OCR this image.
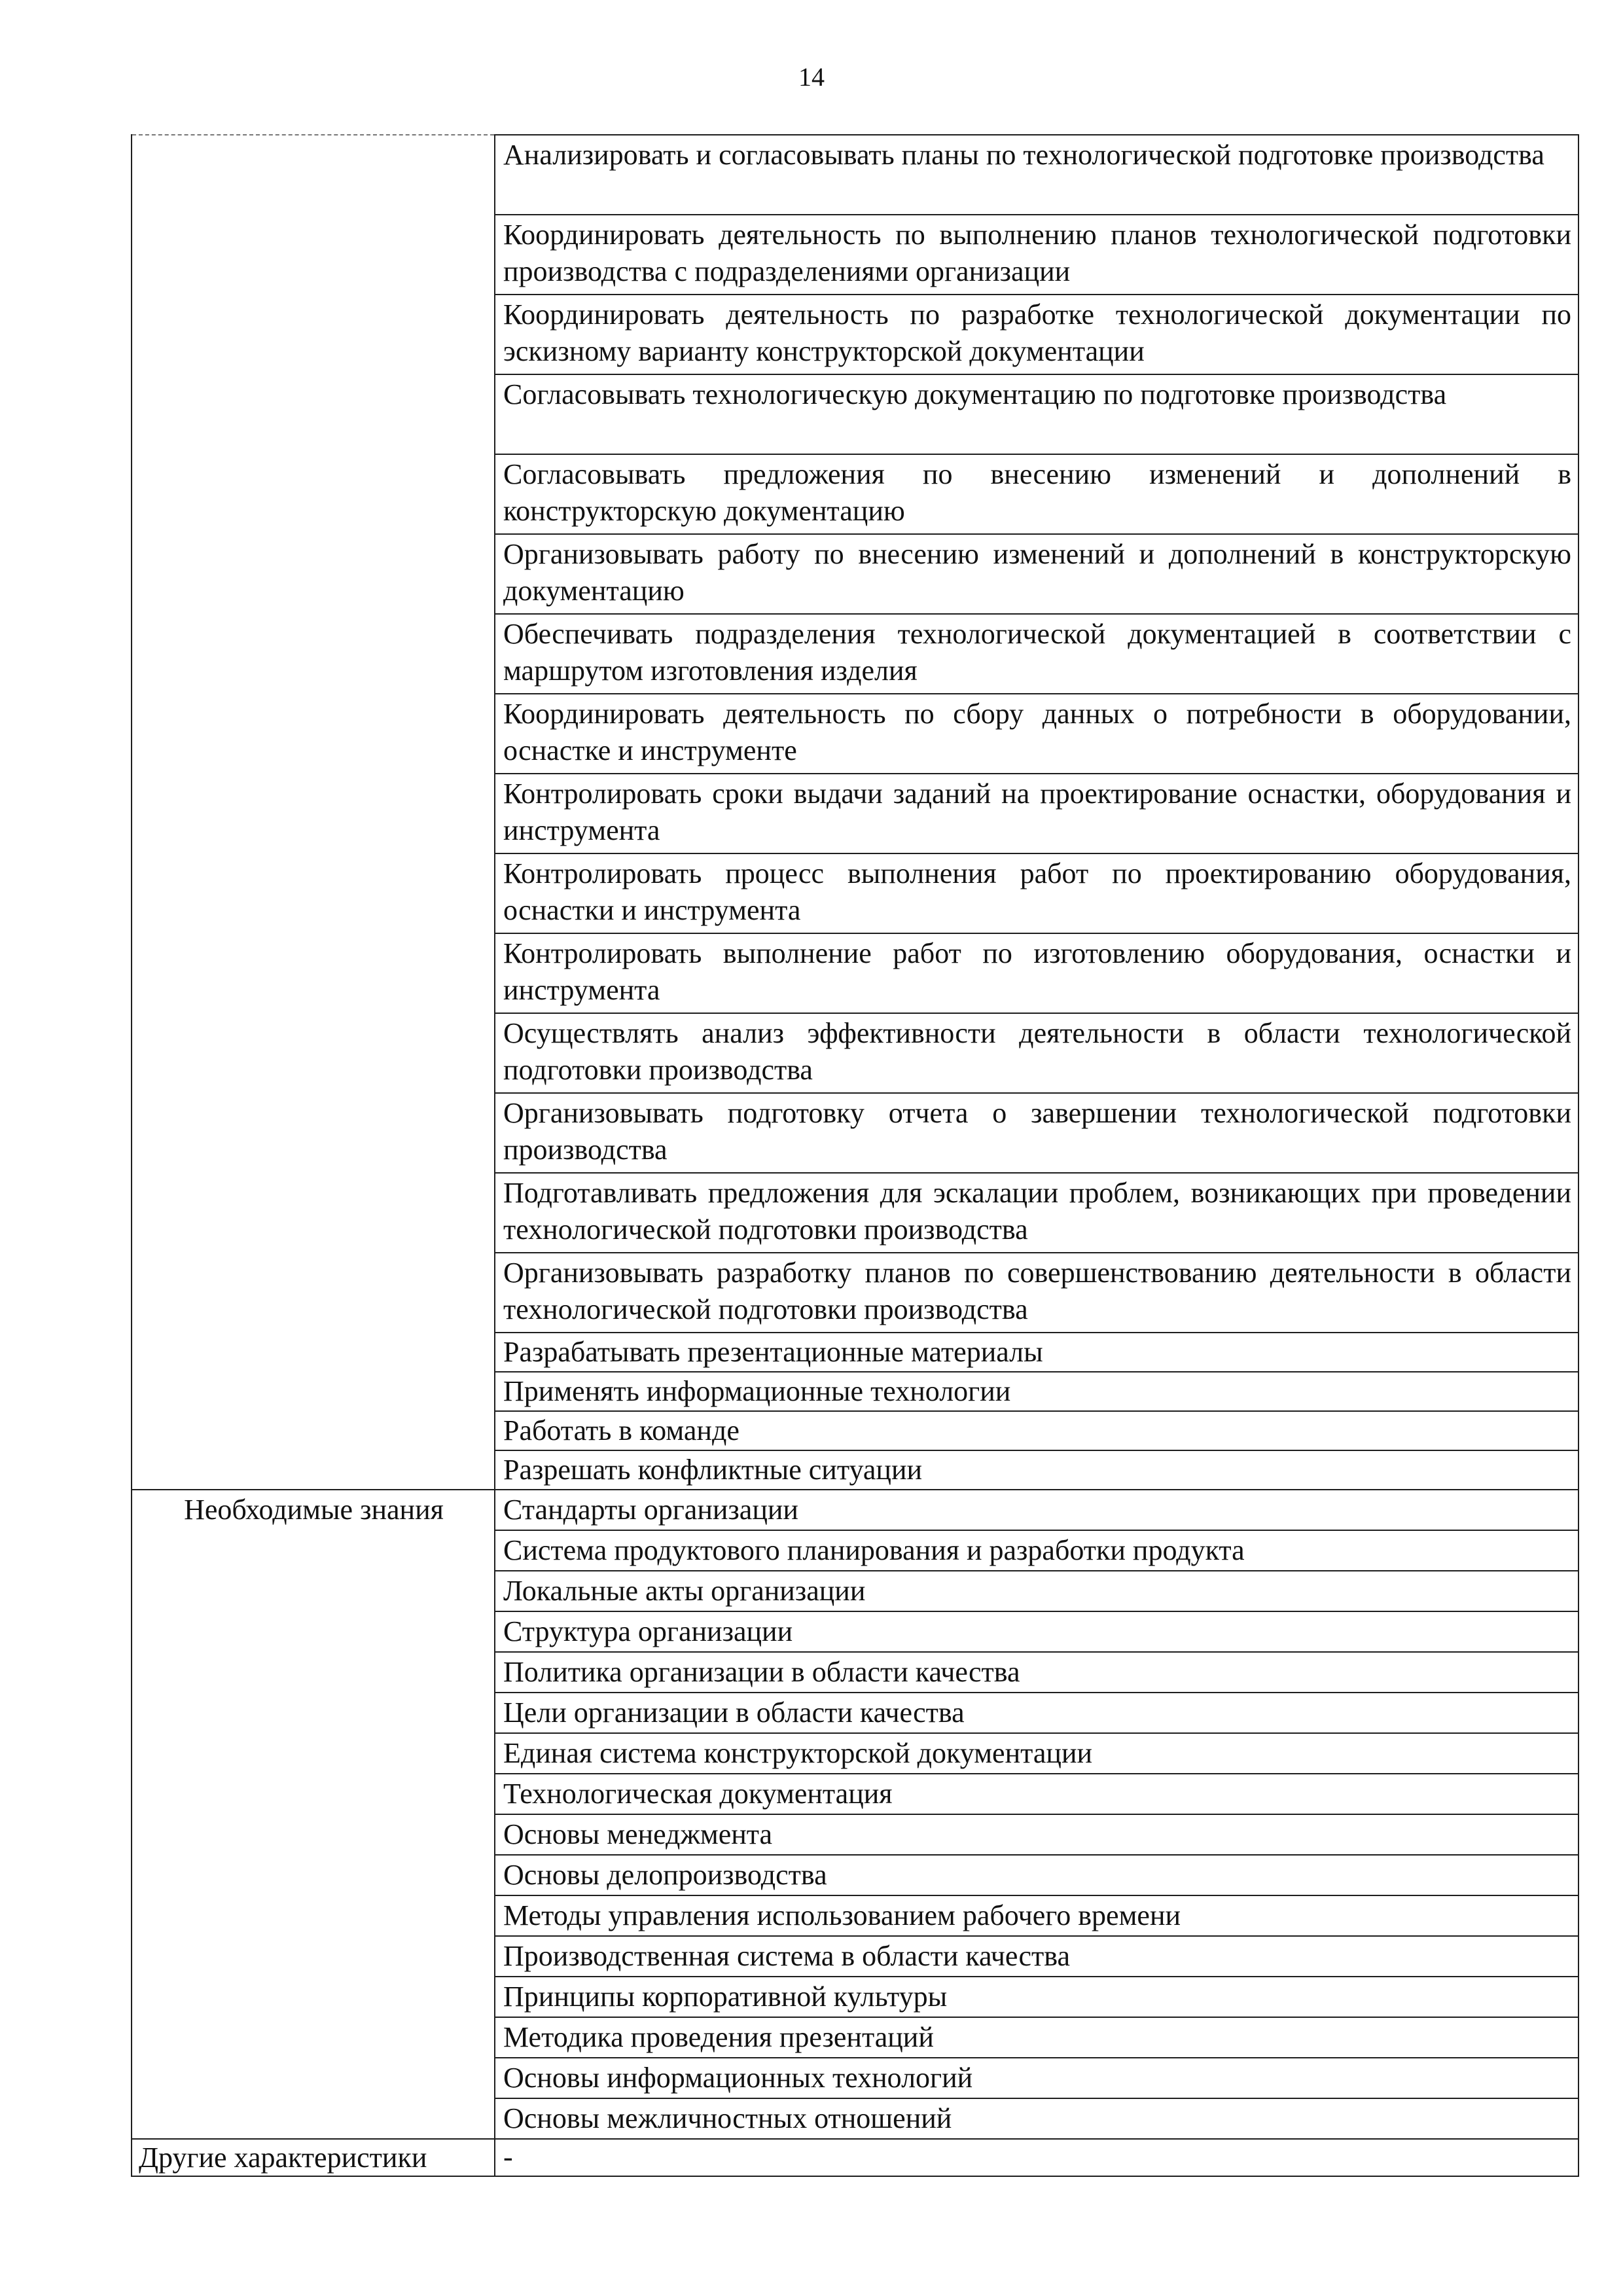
14
	Анализировать и согласовывать планы по технологической подготовке производства
	Координировать деятельность по выполнению планов технологической подготовки производства с подразделениями организации
	Координировать деятельность по разработке технологической документации по эскизному варианту конструкторской документации
	Согласовывать технологическую документацию по подготовке производства
	Согласовывать предложения по внесению изменений и дополнений в конструкторскую документацию
	Организовывать работу по внесению изменений и дополнений в конструкторскую документацию
	Обеспечивать подразделения технологической документацией в соответствии с маршрутом изготовления изделия
	Координировать деятельность по сбору данных о потребности в оборудовании, оснастке и инструменте
	Контролировать сроки выдачи заданий на проектирование оснастки, оборудования и инструмента
	Контролировать процесс выполнения работ по проектированию оборудования, оснастки и инструмента
	Контролировать выполнение работ по изготовлению оборудования, оснастки и инструмента
	Осуществлять анализ эффективности деятельности в области технологической подготовки производства
	Организовывать подготовку отчета о завершении технологической подготовки производства
	Подготавливать предложения для эскалации проблем, возникающих при проведении технологической подготовки производства
	Организовывать разработку планов по совершенствованию деятельности в области технологической подготовки производства
	Разрабатывать презентационные материалы
	Применять информационные технологии
	Работать в команде
	Разрешать конфликтные ситуации
Необходимые знания	Стандарты организации
	Система продуктового планирования и разработки продукта
	Локальные акты организации
	Структура организации
	Политика организации в области качества
	Цели организации в области качества
	Единая система конструкторской документации
	Технологическая документация
	Основы менеджмента
	Основы делопроизводства
	Методы управления использованием рабочего времени
	Производственная система в области качества
	Принципы корпоративной культуры
	Методика проведения презентаций
	Основы информационных технологий
	Основы межличностных отношений
Другие характеристики	-
